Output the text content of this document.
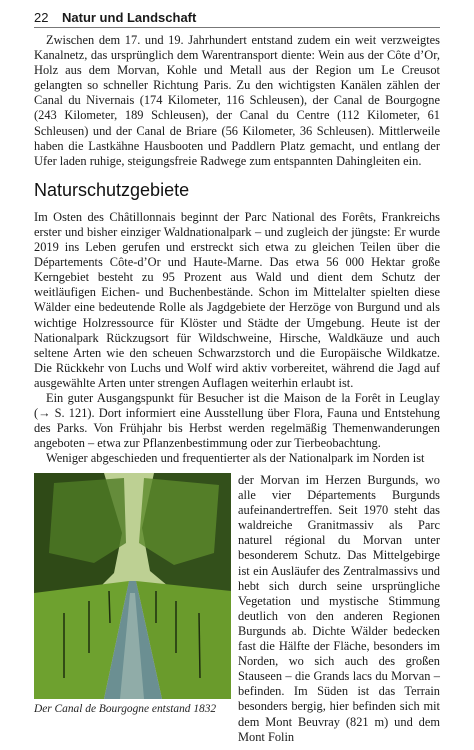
22	Natur und Landschaft

Zwischen dem 17. und 19. Jahrhundert entstand zudem ein weit verzweigtes Kanalnetz, das ursprünglich dem Warentransport diente: Wein aus der Côte d’Or, Holz aus dem Morvan, Kohle und Metall aus der Region um Le Creusot gelangten so schneller Richtung Paris. Zu den wichtigsten Kanälen zählen der Canal du Nivernais (174 Kilometer, 116 Schleusen), der Canal de Bourgogne (243 Kilometer, 189 Schleusen), der Canal du Centre (112 Kilometer, 61 Schleusen) und der Canal de Briare (56 Kilometer, 36 Schleusen). Mittlerweile haben die Lastkähne Hausbooten und Paddlern Platz gemacht, und entlang der Ufer laden ruhige, steigungsfreie Radwege zum entspannten Dahingleiten ein.

Naturschutzgebiete

Im Osten des Châtillonnais beginnt der Parc National des Forêts, Frankreichs erster und bisher einziger Waldnationalpark – und zugleich der jüngste: Er wurde 2019 ins Leben gerufen und erstreckt sich etwa zu gleichen Teilen über die Départements Côte-d’Or und Haute-Marne. Das etwa 56 000 Hektar große Kerngebiet besteht zu 95 Prozent aus Wald und dient dem Schutz der weitläufigen Eichen- und Buchenbestände. Schon im Mittelalter spielten diese Wälder eine bedeutende Rolle als Jagdgebiete der Herzöge von Burgund und als wichtige Holzressource für Klöster und Städte der Umgebung. Heute ist der Nationalpark Rückzugsort für Wildschweine, Hirsche, Waldkäuze und auch seltene Arten wie den scheuen Schwarzstorch und die Europäische Wildkatze. Die Rückkehr von Luchs und Wolf wird aktiv vorbereitet, während die Jagd auf ausgewählte Arten unter strengen Auflagen weiterhin erlaubt ist.

Ein guter Ausgangspunkt für Besucher ist die Maison de la Forêt in Leuglay (→ S. 121). Dort informiert eine Ausstellung über Flora, Fauna und Entstehung des Parks. Von Frühjahr bis Herbst werden regelmäßig Themenwanderungen angeboten – etwa zur Pflanzenbestimmung oder zur Tierbeobachtung.

Weniger abgeschieden und frequentierter als der Nationalpark im Norden ist

Der Canal de Bourgogne entstand 1832

der Morvan im Herzen Burgunds, wo alle vier Départements Burgunds aufeinandertreffen. Seit 1970 steht das waldreiche Granitmassiv als Parc naturel régional du Morvan unter besonderem Schutz. Das Mittelgebirge ist ein Ausläufer des Zentralmassivs und hebt sich durch seine ursprüngliche Vegetation und mystische Stimmung deutlich von den anderen Regionen Burgunds ab. Dichte Wälder bedecken fast die Hälfte der Fläche, besonders im Norden, wo sich auch des großen Stauseen – die Grands lacs du Morvan – befinden. Im Süden ist das Terrain besonders bergig, hier befinden sich mit dem Mont Beuvray (821 m) und dem Mont Folin
